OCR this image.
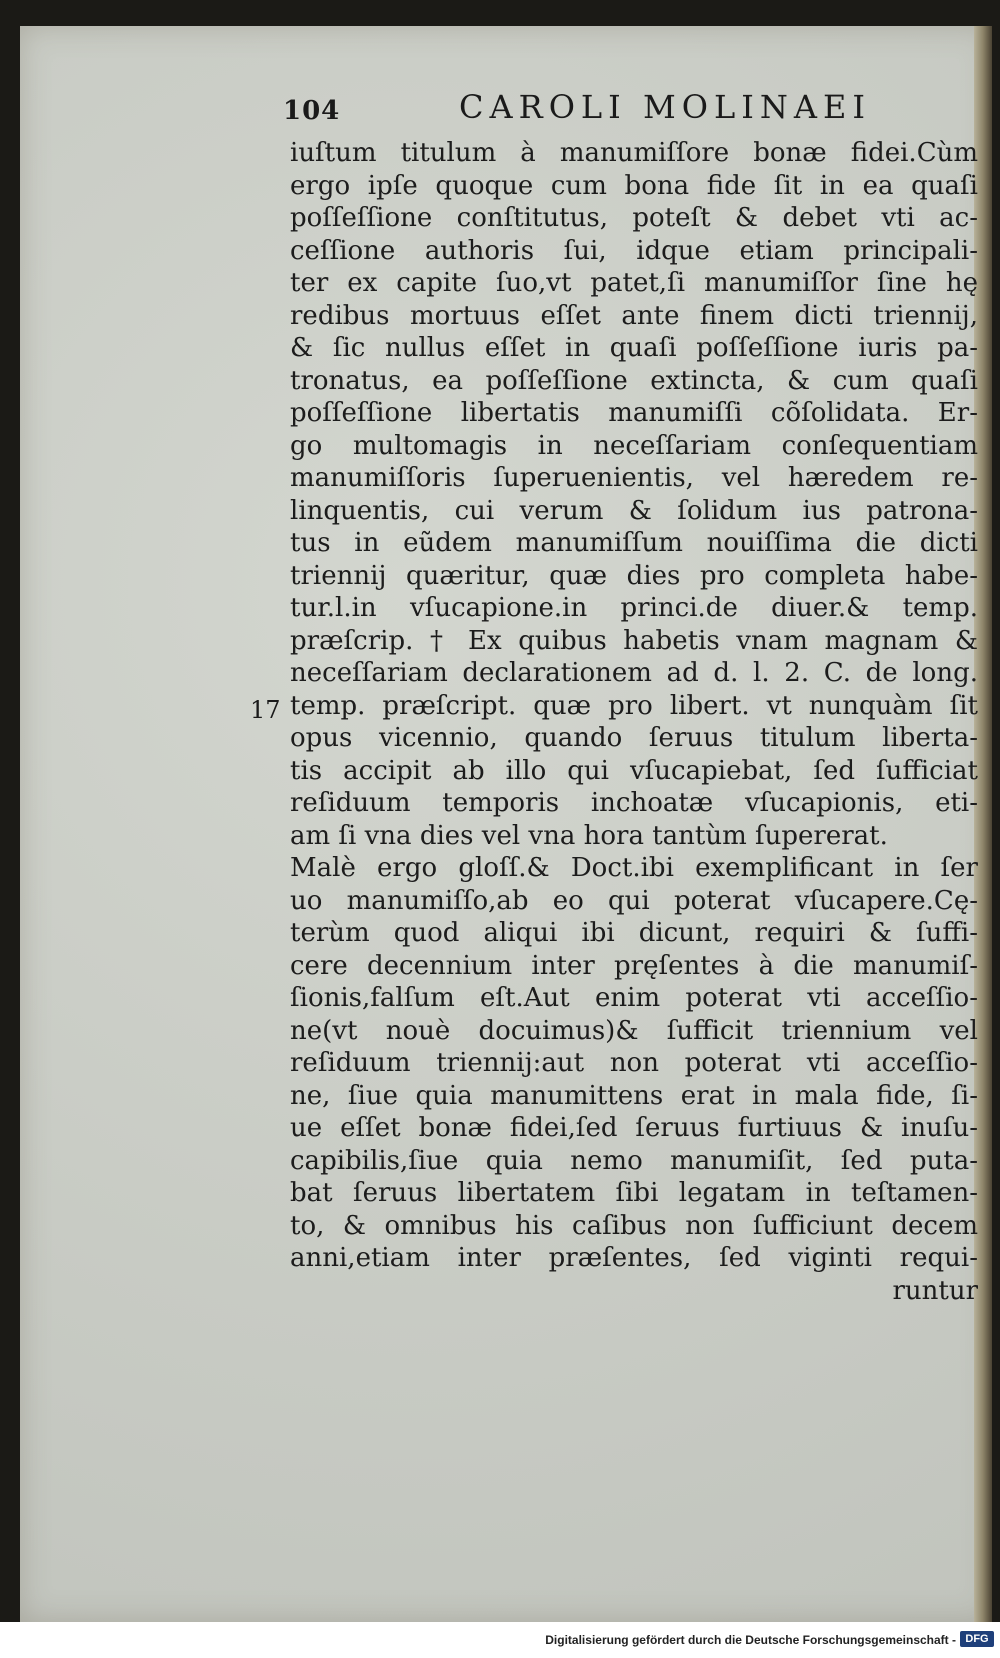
104	CAROLI MOLINAEI
17
iuſtum titulum à manumiſſore bonæ fidei.Cùm
ergo ipſe quoque cum bona fide ſit in ea quaſi
poſſeſſione conſtitutus, poteſt & debet vti ac-
ceſſione authoris ſui, idque etiam principali-
ter ex capite ſuo,vt patet,ſi manumiſſor ſine hę
redibus mortuus eſſet ante finem dicti triennij,
& ſic nullus eſſet in quaſi poſſeſſione iuris pa-
tronatus, ea poſſeſſione extincta, & cum quaſi
poſſeſſione libertatis manumiſſi cõſolidata. Er-
go multomagis in neceſſariam conſequentiam
manumiſſoris ſuperuenientis, vel hæredem re-
linquentis, cui verum & ſolidum ius patrona-
tus in eũdem manumiſſum nouiſſima die dicti
triennij quæritur, quæ dies pro completa habe-
tur.l.in vſucapione.in princi.de diuer.& temp.
præſcrip. † Ex quibus habetis vnam magnam &
neceſſariam declarationem ad d. l. 2. C. de long.
temp. præſcript. quæ pro libert. vt nunquàm ſit
opus vicennio, quando ſeruus titulum liberta-
tis accipit ab illo qui vſucapiebat, ſed ſufficiat
reſiduum temporis inchoatæ vſucapionis, eti-
am ſi vna dies vel vna hora tantùm ſupererat.
Malè ergo gloſſ.& Doct.ibi exemplificant in ſer
uo manumiſſo,ab eo qui poterat vſucapere.Cę-
terùm quod aliqui ibi dicunt, requiri & ſuffi-
cere decennium inter pręſentes à die manumiſ-
ſionis,falſum eſt.Aut enim poterat vti acceſſio-
ne(vt nouè docuimus)& ſufficit triennium vel
reſiduum triennij:aut non poterat vti acceſſio-
ne, ſiue quia manumittens erat in mala fide, ſi-
ue eſſet bonæ fidei,ſed ſeruus furtiuus & inuſu-
capibilis,ſiue quia nemo manumiſit, ſed puta-
bat ſeruus libertatem ſibi legatam in teſtamen-
to, & omnibus his caſibus non ſufficiunt decem
anni,etiam inter præſentes, ſed viginti requi-
runtur
Digitalisierung gefördert durch die Deutsche Forschungsgemeinschaft - DFG
